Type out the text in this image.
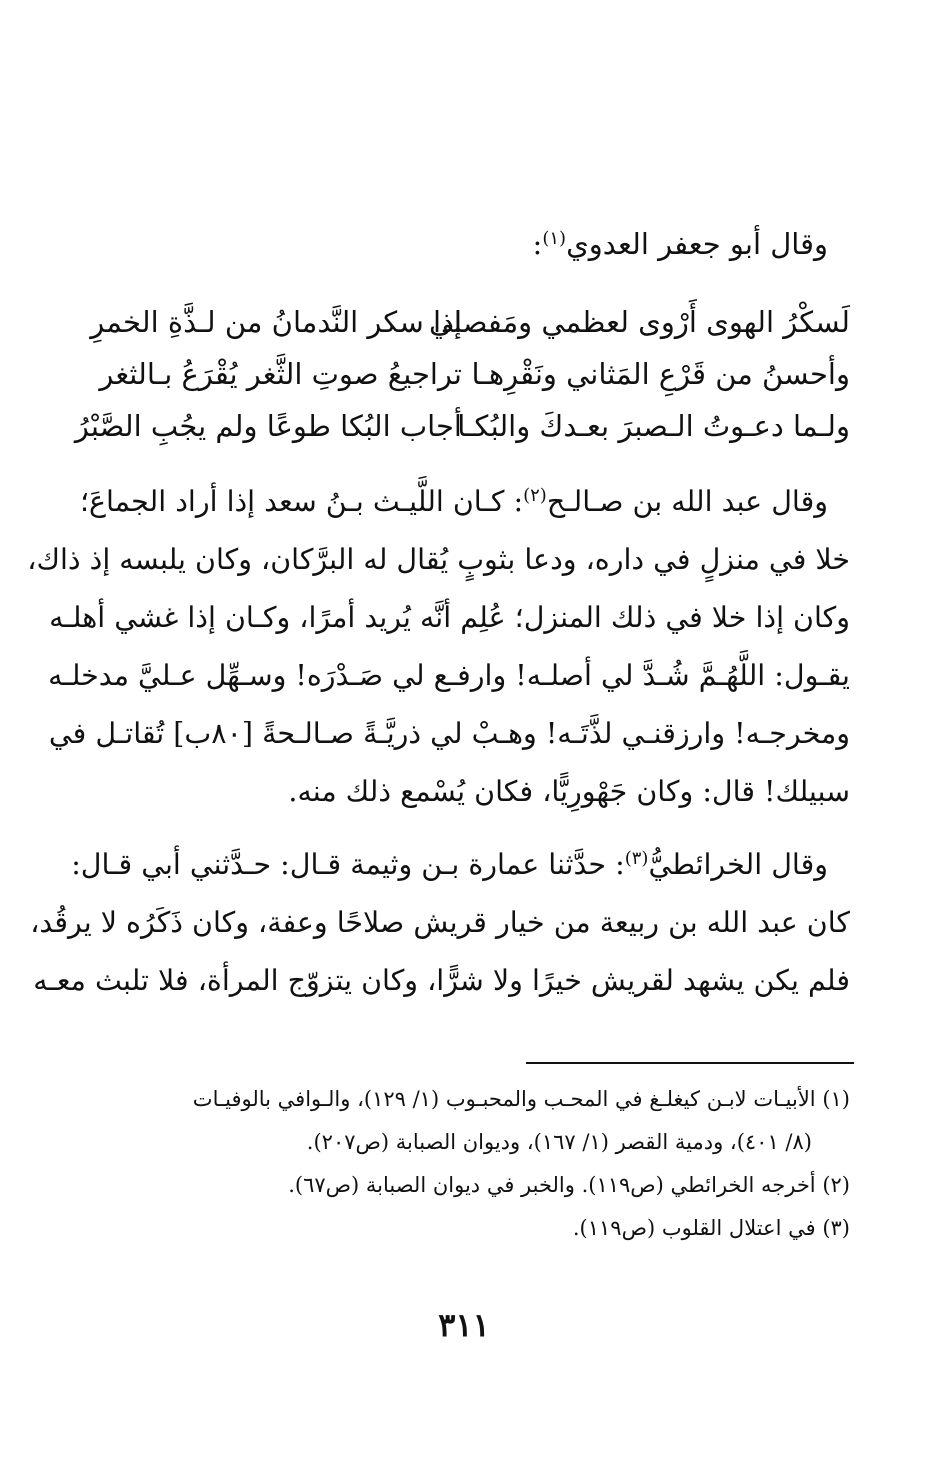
وقال أبو جعفر العدوي$^{(١)}$:
لَسكْرُ الهوى أَرْوى لعظمي ومَفصلي
إذا سكر النَّدمانُ من لـذَّةِ الخمرِ
وأحسنُ من قَرْعِ المَثاني ونَقْرِهـا
تراجيعُ صوتِ الثَّغر يُقْرَعُ بـالثغر
ولـما دعـوتُ الـصبرَ بعـدكَ والبُكـا
أجاب البُكا طوعًا ولم يجُبِ الصَّبْرُ
وقال عبد الله بن صـالـح$^{(٢)}$: كـان اللَّيـث بـنُ سعد إذا أراد الجماعَ؛
خلا في منزلٍ في داره، ودعا بثوبٍ يُقال له البرَّكان، وكان يلبسه إذ ذاك،
وكان إذا خلا في ذلك المنزل؛ عُلِم أنَّه يُريد أمرًا، وكـان إذا غشي أهلـه
يقـول: اللَّهُـمَّ شُـدَّ لي أصلـه! وارفـع لي صَـدْرَه! وسـهِّل عـليَّ مدخلـه
ومخرجـه! وارزقنـي لذَّتَـه! وهـبْ لي ذريَّـةً صـالـحةً [٨٠ب] تُقاتـل في
سبيلك! قال: وكان جَهْورِيًّا، فكان يُسْمع ذلك منه.
وقال الخرائطيُّ$^{(٣)}$: حدَّثنا عمارة بـن وثيمة قـال: حـدَّثني أبي قـال:
كان عبد الله بن ربيعة من خيار قريش صلاحًا وعفة، وكان ذَكَرُه لا يرقُد،
فلم يكن يشهد لقريش خيرًا ولا شرًّا، وكان يتزوّج المرأة، فلا تلبث معـه
(١) الأبيـات لابـن كيغلـغ في المحـب والمحبـوب (١/ ١٢٩)، والـوافي بالوفيـات
(٨/ ٤٠١)، ودمية القصر (١/ ١٦٧)، وديوان الصبابة (ص٢٠٧).
(٢) أخرجه الخرائطي (ص١١٩). والخبر في ديوان الصبابة (ص٦٧).
(٣) في اعتلال القلوب (ص١١٩).
٣١١
